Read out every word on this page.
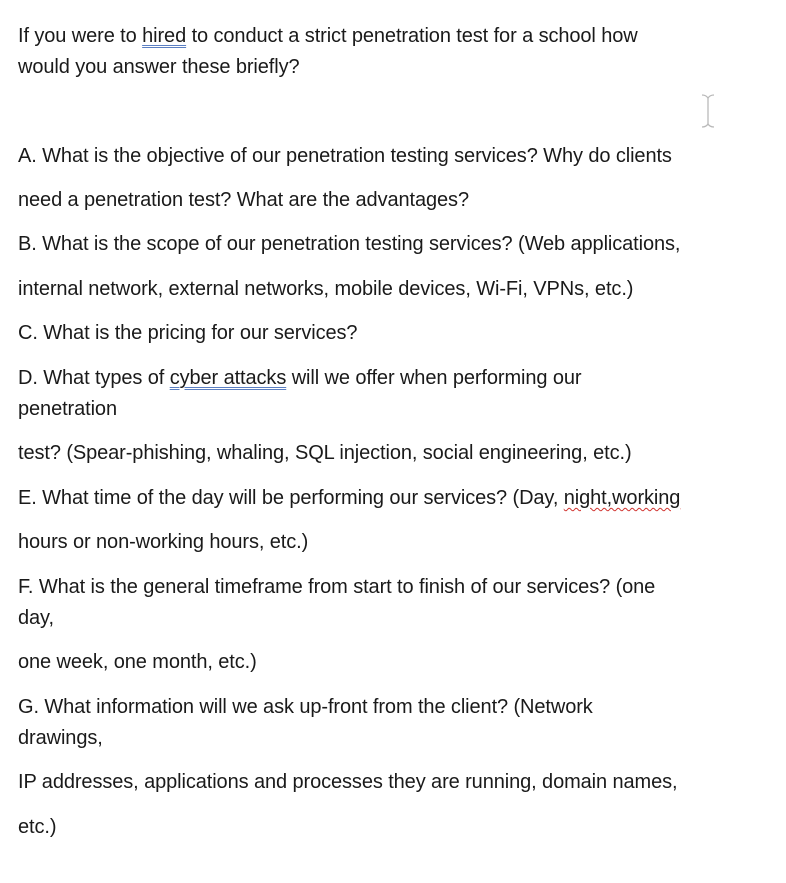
If you were to hired to conduct a strict penetration test for a school how
would you answer these briefly?
A. What is the objective of our penetration testing services? Why do clients
need a penetration test? What are the advantages?
B. What is the scope of our penetration testing services? (Web applications,
internal network, external networks, mobile devices, Wi-Fi, VPNs, etc.)
C. What is the pricing for our services?
D. What types of cyber attacks will we offer when performing our
penetration
test? (Spear-phishing, whaling, SQL injection, social engineering, etc.)
E. What time of the day will be performing our services? (Day, night,working
hours or non-working hours, etc.)
F. What is the general timeframe from start to finish of our services? (one
day,
one week, one month, etc.)
G. What information will we ask up-front from the client? (Network
drawings,
IP addresses, applications and processes they are running, domain names,
etc.)
